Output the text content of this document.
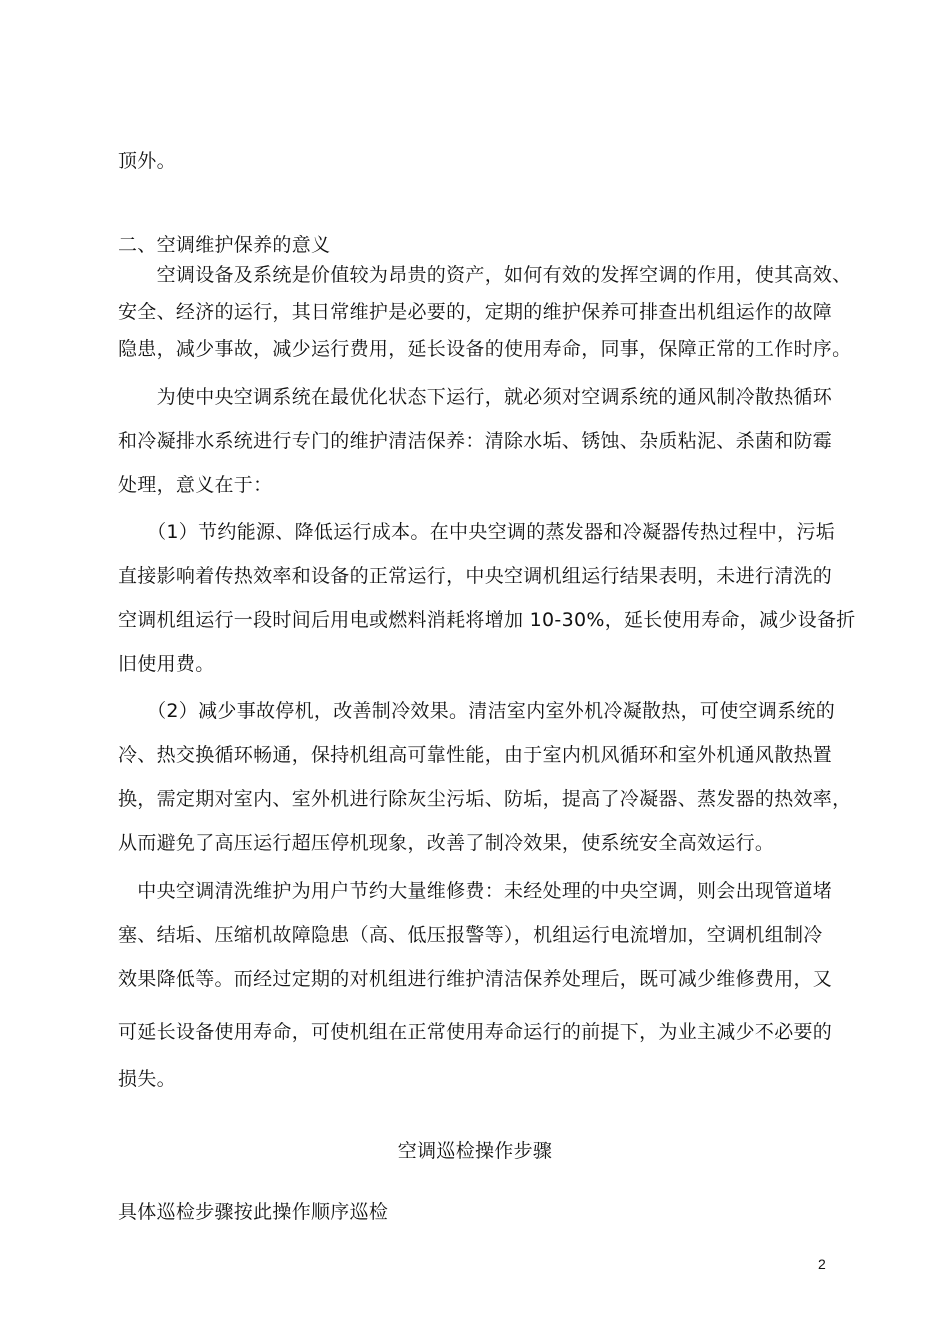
顶外。
二、空调维护保养的意义
　　空调设备及系统是价值较为昂贵的资产，如何有效的发挥空调的作用，使其高效、
安全、经济的运行，其日常维护是必要的，定期的维护保养可排查出机组运作的故障
隐患，减少事故，减少运行费用，延长设备的使用寿命，同事，保障正常的工作时序。
　　为使中央空调系统在最优化状态下运行，就必须对空调系统的通风制冷散热循环
和冷凝排水系统进行专门的维护清洁保养：清除水垢、锈蚀、杂质粘泥、杀菌和防霉
处理，意义在于：
　　（1）节约能源、降低运行成本。在中央空调的蒸发器和冷凝器传热过程中，污垢
直接影响着传热效率和设备的正常运行，中央空调机组运行结果表明，未进行清洗的
空调机组运行一段时间后用电或燃料消耗将增加 10-30%，延长使用寿命，减少设备折
旧使用费。
　　（2）减少事故停机，改善制冷效果。清洁室内室外机冷凝散热，可使空调系统的
冷、热交换循环畅通，保持机组高可靠性能，由于室内机风循环和室外机通风散热置
换，需定期对室内、室外机进行除灰尘污垢、防垢，提高了冷凝器、蒸发器的热效率，
从而避免了高压运行超压停机现象，改善了制冷效果，使系统安全高效运行。
　中央空调清洗维护为用户节约大量维修费：未经处理的中央空调，则会出现管道堵
塞、结垢、压缩机故障隐患（高、低压报警等），机组运行电流增加，空调机组制冷
效果降低等。而经过定期的对机组进行维护清洁保养处理后，既可减少维修费用，又
可延长设备使用寿命，可使机组在正常使用寿命运行的前提下，为业主减少不必要的
损失。
空调巡检操作步骤
具体巡检步骤按此操作顺序巡检
2
